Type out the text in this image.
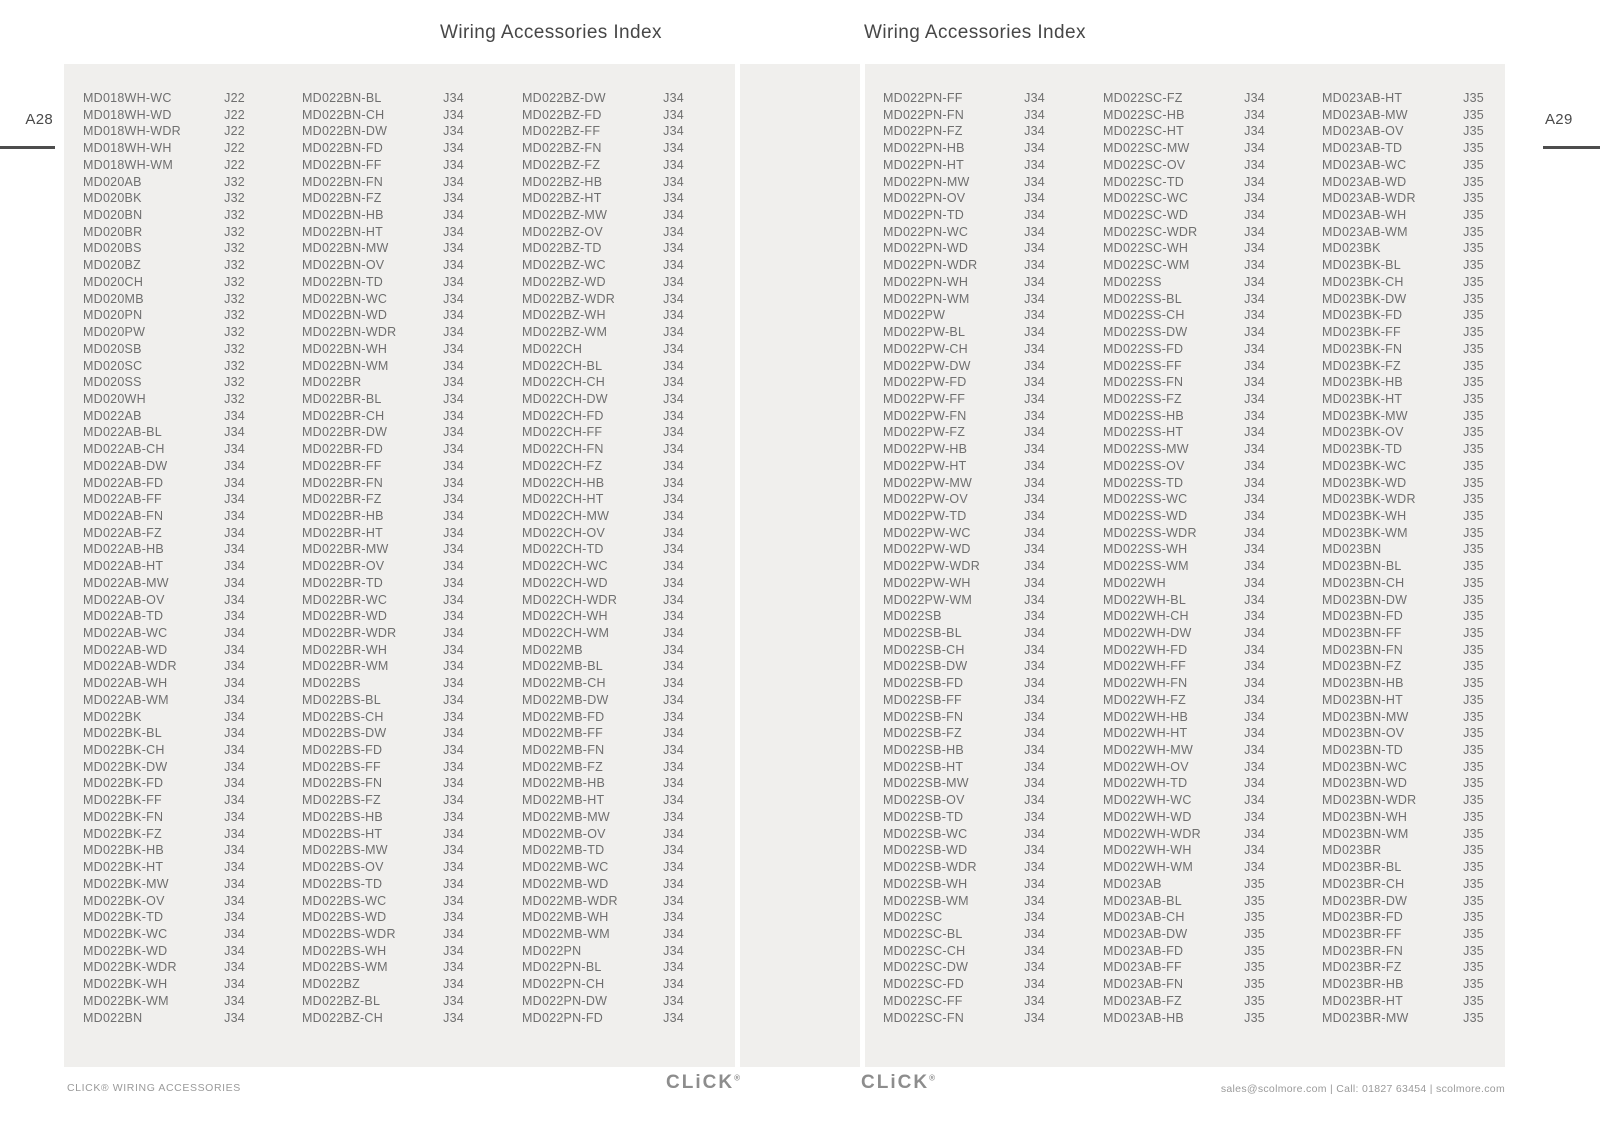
Wiring Accessories Index	Wiring Accessories Index
A28	A29
MD018WH-WC	J22
MD018WH-WD	J22
MD018WH-WDR	J22
MD018WH-WH	J22
MD018WH-WM	J22
MD020AB	J32
MD020BK	J32
MD020BN	J32
MD020BR	J32
MD020BS	J32
MD020BZ	J32
MD020CH	J32
MD020MB	J32
MD020PN	J32
MD020PW	J32
MD020SB	J32
MD020SC	J32
MD020SS	J32
MD020WH	J32
MD022AB	J34
MD022AB-BL	J34
MD022AB-CH	J34
MD022AB-DW	J34
MD022AB-FD	J34
MD022AB-FF	J34
MD022AB-FN	J34
MD022AB-FZ	J34
MD022AB-HB	J34
MD022AB-HT	J34
MD022AB-MW	J34
MD022AB-OV	J34
MD022AB-TD	J34
MD022AB-WC	J34
MD022AB-WD	J34
MD022AB-WDR	J34
MD022AB-WH	J34
MD022AB-WM	J34
MD022BK	J34
MD022BK-BL	J34
MD022BK-CH	J34
MD022BK-DW	J34
MD022BK-FD	J34
MD022BK-FF	J34
MD022BK-FN	J34
MD022BK-FZ	J34
MD022BK-HB	J34
MD022BK-HT	J34
MD022BK-MW	J34
MD022BK-OV	J34
MD022BK-TD	J34
MD022BK-WC	J34
MD022BK-WD	J34
MD022BK-WDR	J34
MD022BK-WH	J34
MD022BK-WM	J34
MD022BN	J34
MD022BN-BL	J34
MD022BN-CH	J34
MD022BN-DW	J34
MD022BN-FD	J34
MD022BN-FF	J34
MD022BN-FN	J34
MD022BN-FZ	J34
MD022BN-HB	J34
MD022BN-HT	J34
MD022BN-MW	J34
MD022BN-OV	J34
MD022BN-TD	J34
MD022BN-WC	J34
MD022BN-WD	J34
MD022BN-WDR	J34
MD022BN-WH	J34
MD022BN-WM	J34
MD022BR	J34
MD022BR-BL	J34
MD022BR-CH	J34
MD022BR-DW	J34
MD022BR-FD	J34
MD022BR-FF	J34
MD022BR-FN	J34
MD022BR-FZ	J34
MD022BR-HB	J34
MD022BR-HT	J34
MD022BR-MW	J34
MD022BR-OV	J34
MD022BR-TD	J34
MD022BR-WC	J34
MD022BR-WD	J34
MD022BR-WDR	J34
MD022BR-WH	J34
MD022BR-WM	J34
MD022BS	J34
MD022BS-BL	J34
MD022BS-CH	J34
MD022BS-DW	J34
MD022BS-FD	J34
MD022BS-FF	J34
MD022BS-FN	J34
MD022BS-FZ	J34
MD022BS-HB	J34
MD022BS-HT	J34
MD022BS-MW	J34
MD022BS-OV	J34
MD022BS-TD	J34
MD022BS-WC	J34
MD022BS-WD	J34
MD022BS-WDR	J34
MD022BS-WH	J34
MD022BS-WM	J34
MD022BZ	J34
MD022BZ-BL	J34
MD022BZ-CH	J34
MD022BZ-DW	J34
MD022BZ-FD	J34
MD022BZ-FF	J34
MD022BZ-FN	J34
MD022BZ-FZ	J34
MD022BZ-HB	J34
MD022BZ-HT	J34
MD022BZ-MW	J34
MD022BZ-OV	J34
MD022BZ-TD	J34
MD022BZ-WC	J34
MD022BZ-WD	J34
MD022BZ-WDR	J34
MD022BZ-WH	J34
MD022BZ-WM	J34
MD022CH	J34
MD022CH-BL	J34
MD022CH-CH	J34
MD022CH-DW	J34
MD022CH-FD	J34
MD022CH-FF	J34
MD022CH-FN	J34
MD022CH-FZ	J34
MD022CH-HB	J34
MD022CH-HT	J34
MD022CH-MW	J34
MD022CH-OV	J34
MD022CH-TD	J34
MD022CH-WC	J34
MD022CH-WD	J34
MD022CH-WDR	J34
MD022CH-WH	J34
MD022CH-WM	J34
MD022MB	J34
MD022MB-BL	J34
MD022MB-CH	J34
MD022MB-DW	J34
MD022MB-FD	J34
MD022MB-FF	J34
MD022MB-FN	J34
MD022MB-FZ	J34
MD022MB-HB	J34
MD022MB-HT	J34
MD022MB-MW	J34
MD022MB-OV	J34
MD022MB-TD	J34
MD022MB-WC	J34
MD022MB-WD	J34
MD022MB-WDR	J34
MD022MB-WH	J34
MD022MB-WM	J34
MD022PN	J34
MD022PN-BL	J34
MD022PN-CH	J34
MD022PN-DW	J34
MD022PN-FD	J34
MD022PN-FF	J34
MD022PN-FN	J34
MD022PN-FZ	J34
MD022PN-HB	J34
MD022PN-HT	J34
MD022PN-MW	J34
MD022PN-OV	J34
MD022PN-TD	J34
MD022PN-WC	J34
MD022PN-WD	J34
MD022PN-WDR	J34
MD022PN-WH	J34
MD022PN-WM	J34
MD022PW	J34
MD022PW-BL	J34
MD022PW-CH	J34
MD022PW-DW	J34
MD022PW-FD	J34
MD022PW-FF	J34
MD022PW-FN	J34
MD022PW-FZ	J34
MD022PW-HB	J34
MD022PW-HT	J34
MD022PW-MW	J34
MD022PW-OV	J34
MD022PW-TD	J34
MD022PW-WC	J34
MD022PW-WD	J34
MD022PW-WDR	J34
MD022PW-WH	J34
MD022PW-WM	J34
MD022SB	J34
MD022SB-BL	J34
MD022SB-CH	J34
MD022SB-DW	J34
MD022SB-FD	J34
MD022SB-FF	J34
MD022SB-FN	J34
MD022SB-FZ	J34
MD022SB-HB	J34
MD022SB-HT	J34
MD022SB-MW	J34
MD022SB-OV	J34
MD022SB-TD	J34
MD022SB-WC	J34
MD022SB-WD	J34
MD022SB-WDR	J34
MD022SB-WH	J34
MD022SB-WM	J34
MD022SC	J34
MD022SC-BL	J34
MD022SC-CH	J34
MD022SC-DW	J34
MD022SC-FD	J34
MD022SC-FF	J34
MD022SC-FN	J34
MD022SC-FZ	J34
MD022SC-HB	J34
MD022SC-HT	J34
MD022SC-MW	J34
MD022SC-OV	J34
MD022SC-TD	J34
MD022SC-WC	J34
MD022SC-WD	J34
MD022SC-WDR	J34
MD022SC-WH	J34
MD022SC-WM	J34
MD022SS	J34
MD022SS-BL	J34
MD022SS-CH	J34
MD022SS-DW	J34
MD022SS-FD	J34
MD022SS-FF	J34
MD022SS-FN	J34
MD022SS-FZ	J34
MD022SS-HB	J34
MD022SS-HT	J34
MD022SS-MW	J34
MD022SS-OV	J34
MD022SS-TD	J34
MD022SS-WC	J34
MD022SS-WD	J34
MD022SS-WDR	J34
MD022SS-WH	J34
MD022SS-WM	J34
MD022WH	J34
MD022WH-BL	J34
MD022WH-CH	J34
MD022WH-DW	J34
MD022WH-FD	J34
MD022WH-FF	J34
MD022WH-FN	J34
MD022WH-FZ	J34
MD022WH-HB	J34
MD022WH-HT	J34
MD022WH-MW	J34
MD022WH-OV	J34
MD022WH-TD	J34
MD022WH-WC	J34
MD022WH-WD	J34
MD022WH-WDR	J34
MD022WH-WH	J34
MD022WH-WM	J34
MD023AB	J35
MD023AB-BL	J35
MD023AB-CH	J35
MD023AB-DW	J35
MD023AB-FD	J35
MD023AB-FF	J35
MD023AB-FN	J35
MD023AB-FZ	J35
MD023AB-HB	J35
MD023AB-HT	J35
MD023AB-MW	J35
MD023AB-OV	J35
MD023AB-TD	J35
MD023AB-WC	J35
MD023AB-WD	J35
MD023AB-WDR	J35
MD023AB-WH	J35
MD023AB-WM	J35
MD023BK	J35
MD023BK-BL	J35
MD023BK-CH	J35
MD023BK-DW	J35
MD023BK-FD	J35
MD023BK-FF	J35
MD023BK-FN	J35
MD023BK-FZ	J35
MD023BK-HB	J35
MD023BK-HT	J35
MD023BK-MW	J35
MD023BK-OV	J35
MD023BK-TD	J35
MD023BK-WC	J35
MD023BK-WD	J35
MD023BK-WDR	J35
MD023BK-WH	J35
MD023BK-WM	J35
MD023BN	J35
MD023BN-BL	J35
MD023BN-CH	J35
MD023BN-DW	J35
MD023BN-FD	J35
MD023BN-FF	J35
MD023BN-FN	J35
MD023BN-FZ	J35
MD023BN-HB	J35
MD023BN-HT	J35
MD023BN-MW	J35
MD023BN-OV	J35
MD023BN-TD	J35
MD023BN-WC	J35
MD023BN-WD	J35
MD023BN-WDR	J35
MD023BN-WH	J35
MD023BN-WM	J35
MD023BR	J35
MD023BR-BL	J35
MD023BR-CH	J35
MD023BR-DW	J35
MD023BR-FD	J35
MD023BR-FF	J35
MD023BR-FN	J35
MD023BR-FZ	J35
MD023BR-HB	J35
MD023BR-HT	J35
MD023BR-MW	J35
CLICK® WIRING ACCESSORIES	CLiCK®	CLiCK®
sales@scolmore.com | Call: 01827 63454 | scolmore.com
